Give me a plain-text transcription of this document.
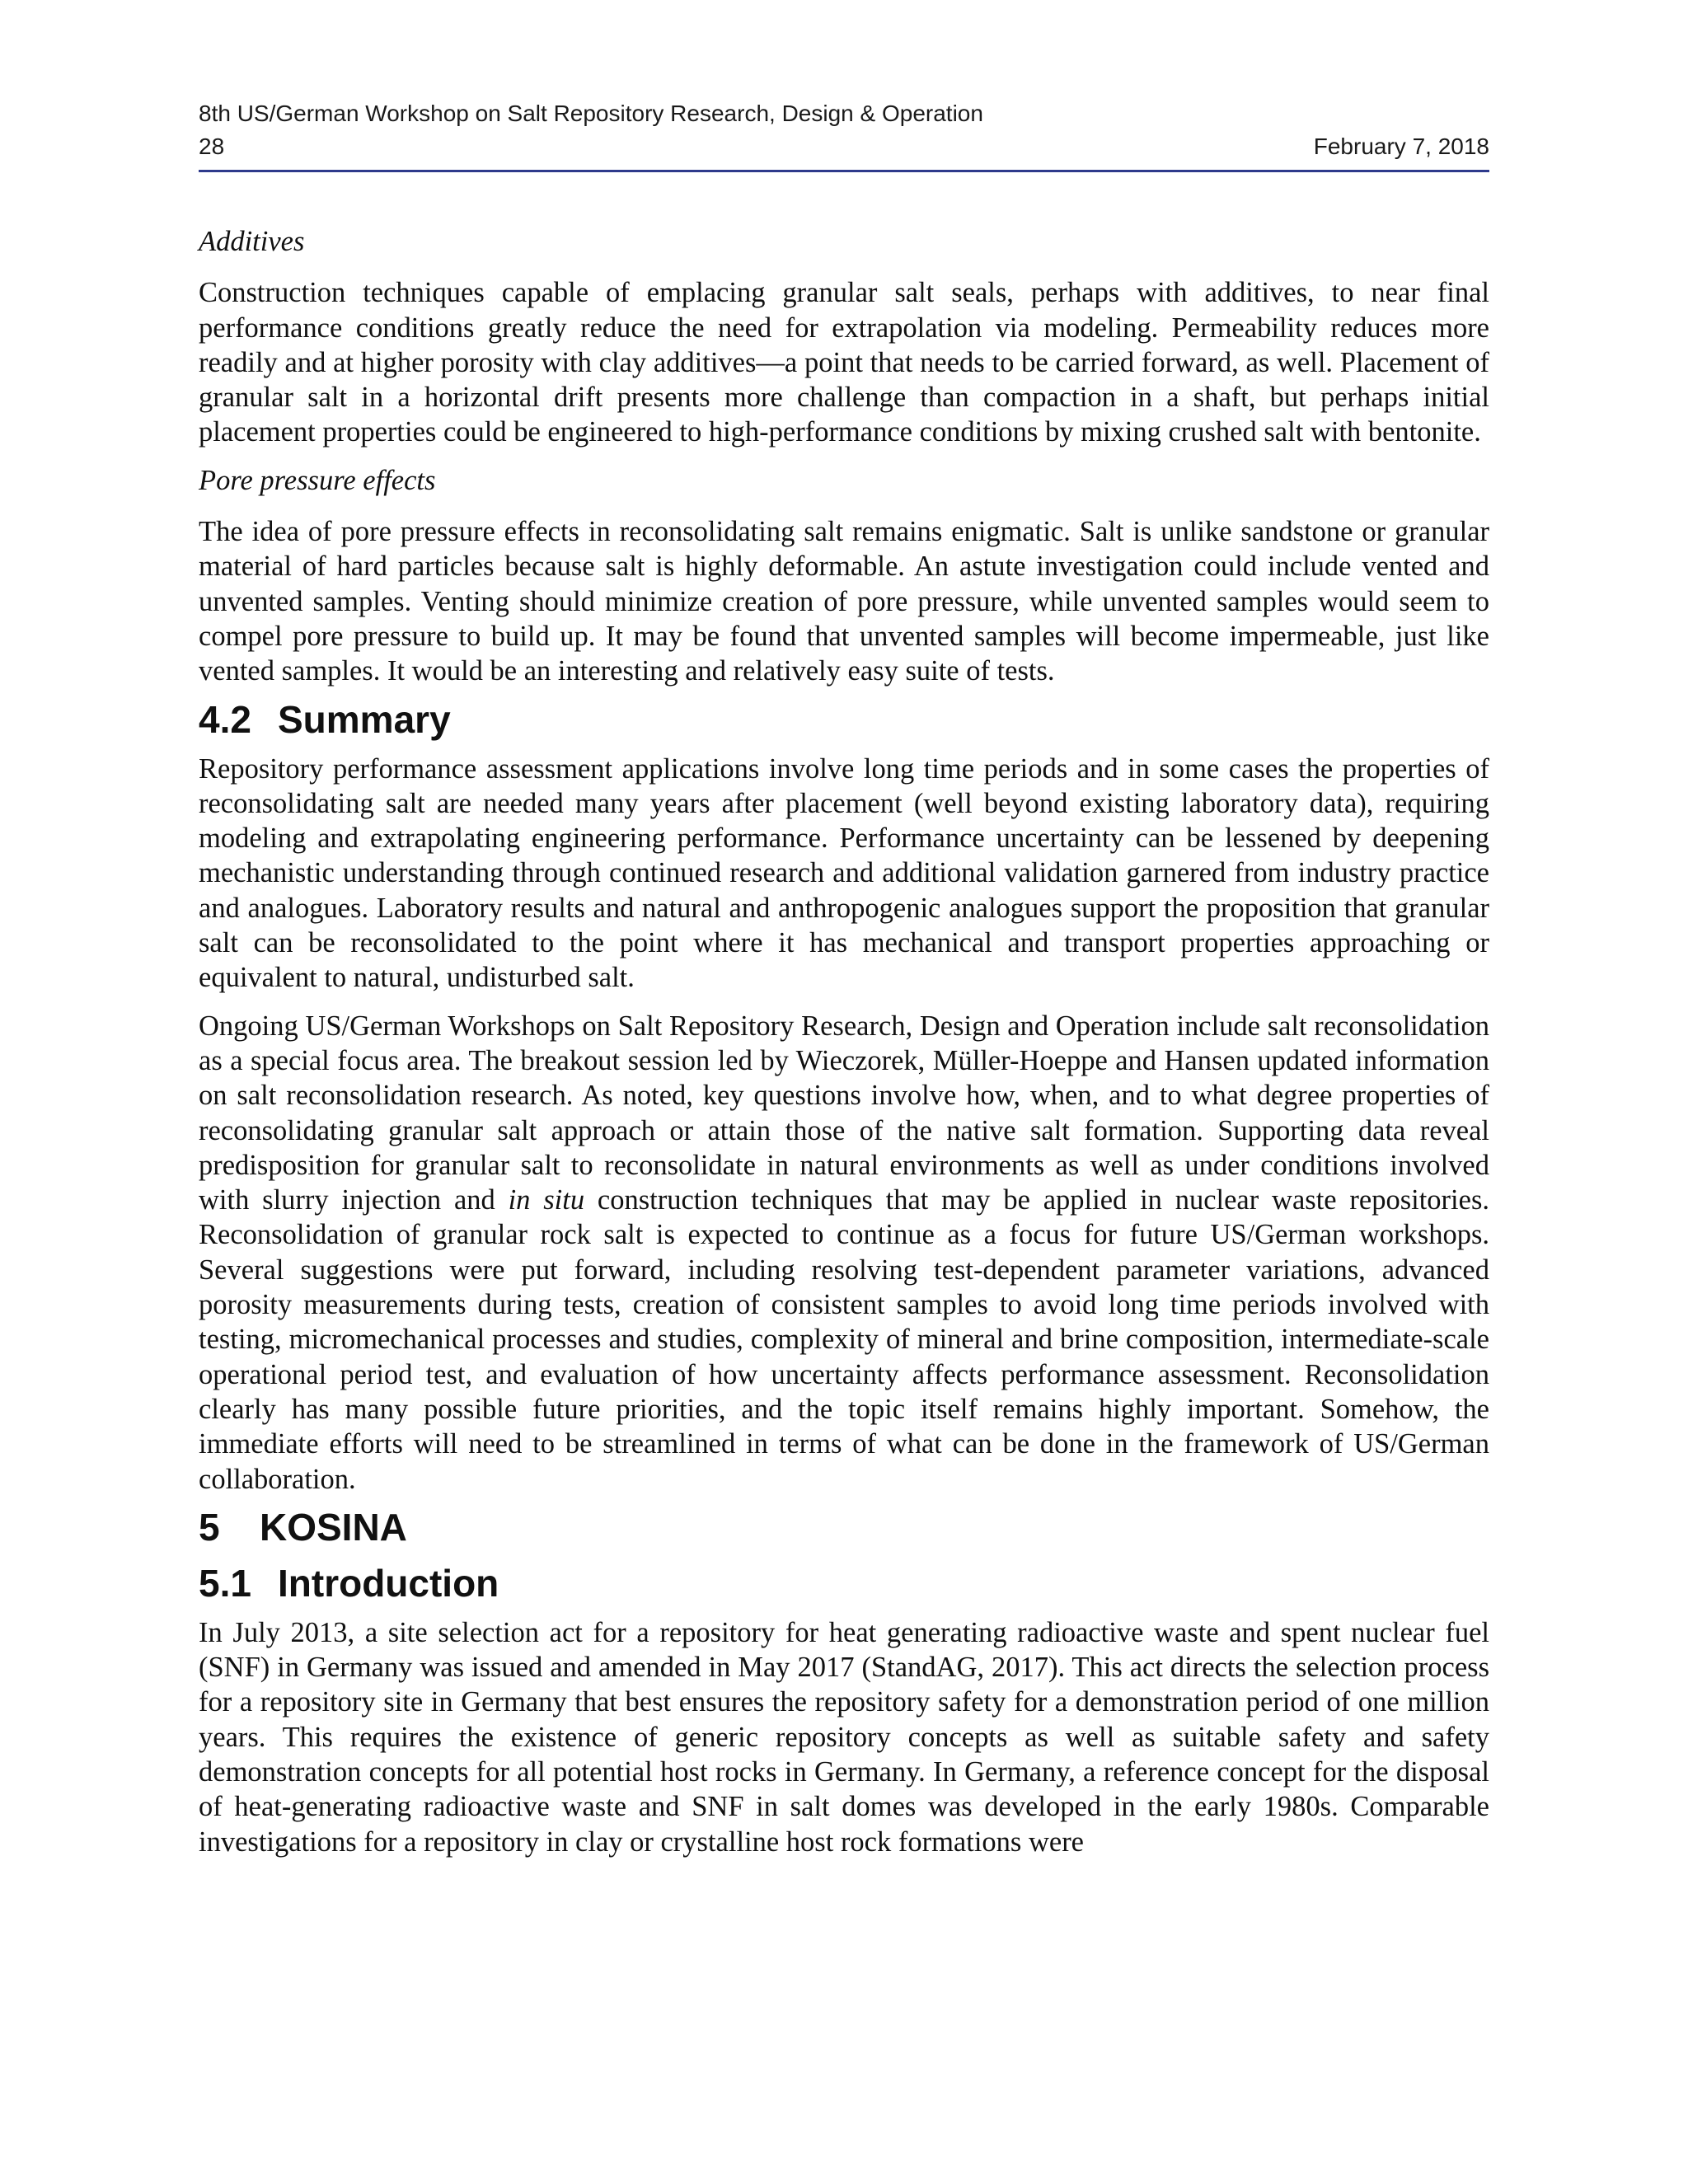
8th US/German Workshop on Salt Repository Research, Design & Operation
28	February 7, 2018

Additives

Construction techniques capable of emplacing granular salt seals, perhaps with additives, to near final performance conditions greatly reduce the need for extrapolation via modeling. Permeability reduces more readily and at higher porosity with clay additives—a point that needs to be carried forward, as well. Placement of granular salt in a horizontal drift presents more challenge than compaction in a shaft, but perhaps initial placement properties could be engineered to high-performance conditions by mixing crushed salt with bentonite.

Pore pressure effects

The idea of pore pressure effects in reconsolidating salt remains enigmatic. Salt is unlike sandstone or granular material of hard particles because salt is highly deformable. An astute investigation could include vented and unvented samples. Venting should minimize creation of pore pressure, while unvented samples would seem to compel pore pressure to build up. It may be found that unvented samples will become impermeable, just like vented samples. It would be an interesting and relatively easy suite of tests.

4.2 Summary

Repository performance assessment applications involve long time periods and in some cases the properties of reconsolidating salt are needed many years after placement (well beyond existing laboratory data), requiring modeling and extrapolating engineering performance. Performance uncertainty can be lessened by deepening mechanistic understanding through continued research and additional validation garnered from industry practice and analogues. Laboratory results and natural and anthropogenic analogues support the proposition that granular salt can be reconsolidated to the point where it has mechanical and transport properties approaching or equivalent to natural, undisturbed salt.

Ongoing US/German Workshops on Salt Repository Research, Design and Operation include salt reconsolidation as a special focus area. The breakout session led by Wieczorek, Müller-Hoeppe and Hansen updated information on salt reconsolidation research. As noted, key questions involve how, when, and to what degree properties of reconsolidating granular salt approach or attain those of the native salt formation. Supporting data reveal predisposition for granular salt to reconsolidate in natural environments as well as under conditions involved with slurry injection and in situ construction techniques that may be applied in nuclear waste repositories. Reconsolidation of granular rock salt is expected to continue as a focus for future US/German workshops. Several suggestions were put forward, including resolving test-dependent parameter variations, advanced porosity measurements during tests, creation of consistent samples to avoid long time periods involved with testing, micromechanical processes and studies, complexity of mineral and brine composition, intermediate-scale operational period test, and evaluation of how uncertainty affects performance assessment. Reconsolidation clearly has many possible future priorities, and the topic itself remains highly important. Somehow, the immediate efforts will need to be streamlined in terms of what can be done in the framework of US/German collaboration.

5 KOSINA
5.1 Introduction

In July 2013, a site selection act for a repository for heat generating radioactive waste and spent nuclear fuel (SNF) in Germany was issued and amended in May 2017 (StandAG, 2017). This act directs the selection process for a repository site in Germany that best ensures the repository safety for a demonstration period of one million years. This requires the existence of generic repository concepts as well as suitable safety and safety demonstration concepts for all potential host rocks in Germany. In Germany, a reference concept for the disposal of heat-generating radioactive waste and SNF in salt domes was developed in the early 1980s. Comparable investigations for a repository in clay or crystalline host rock formations were
